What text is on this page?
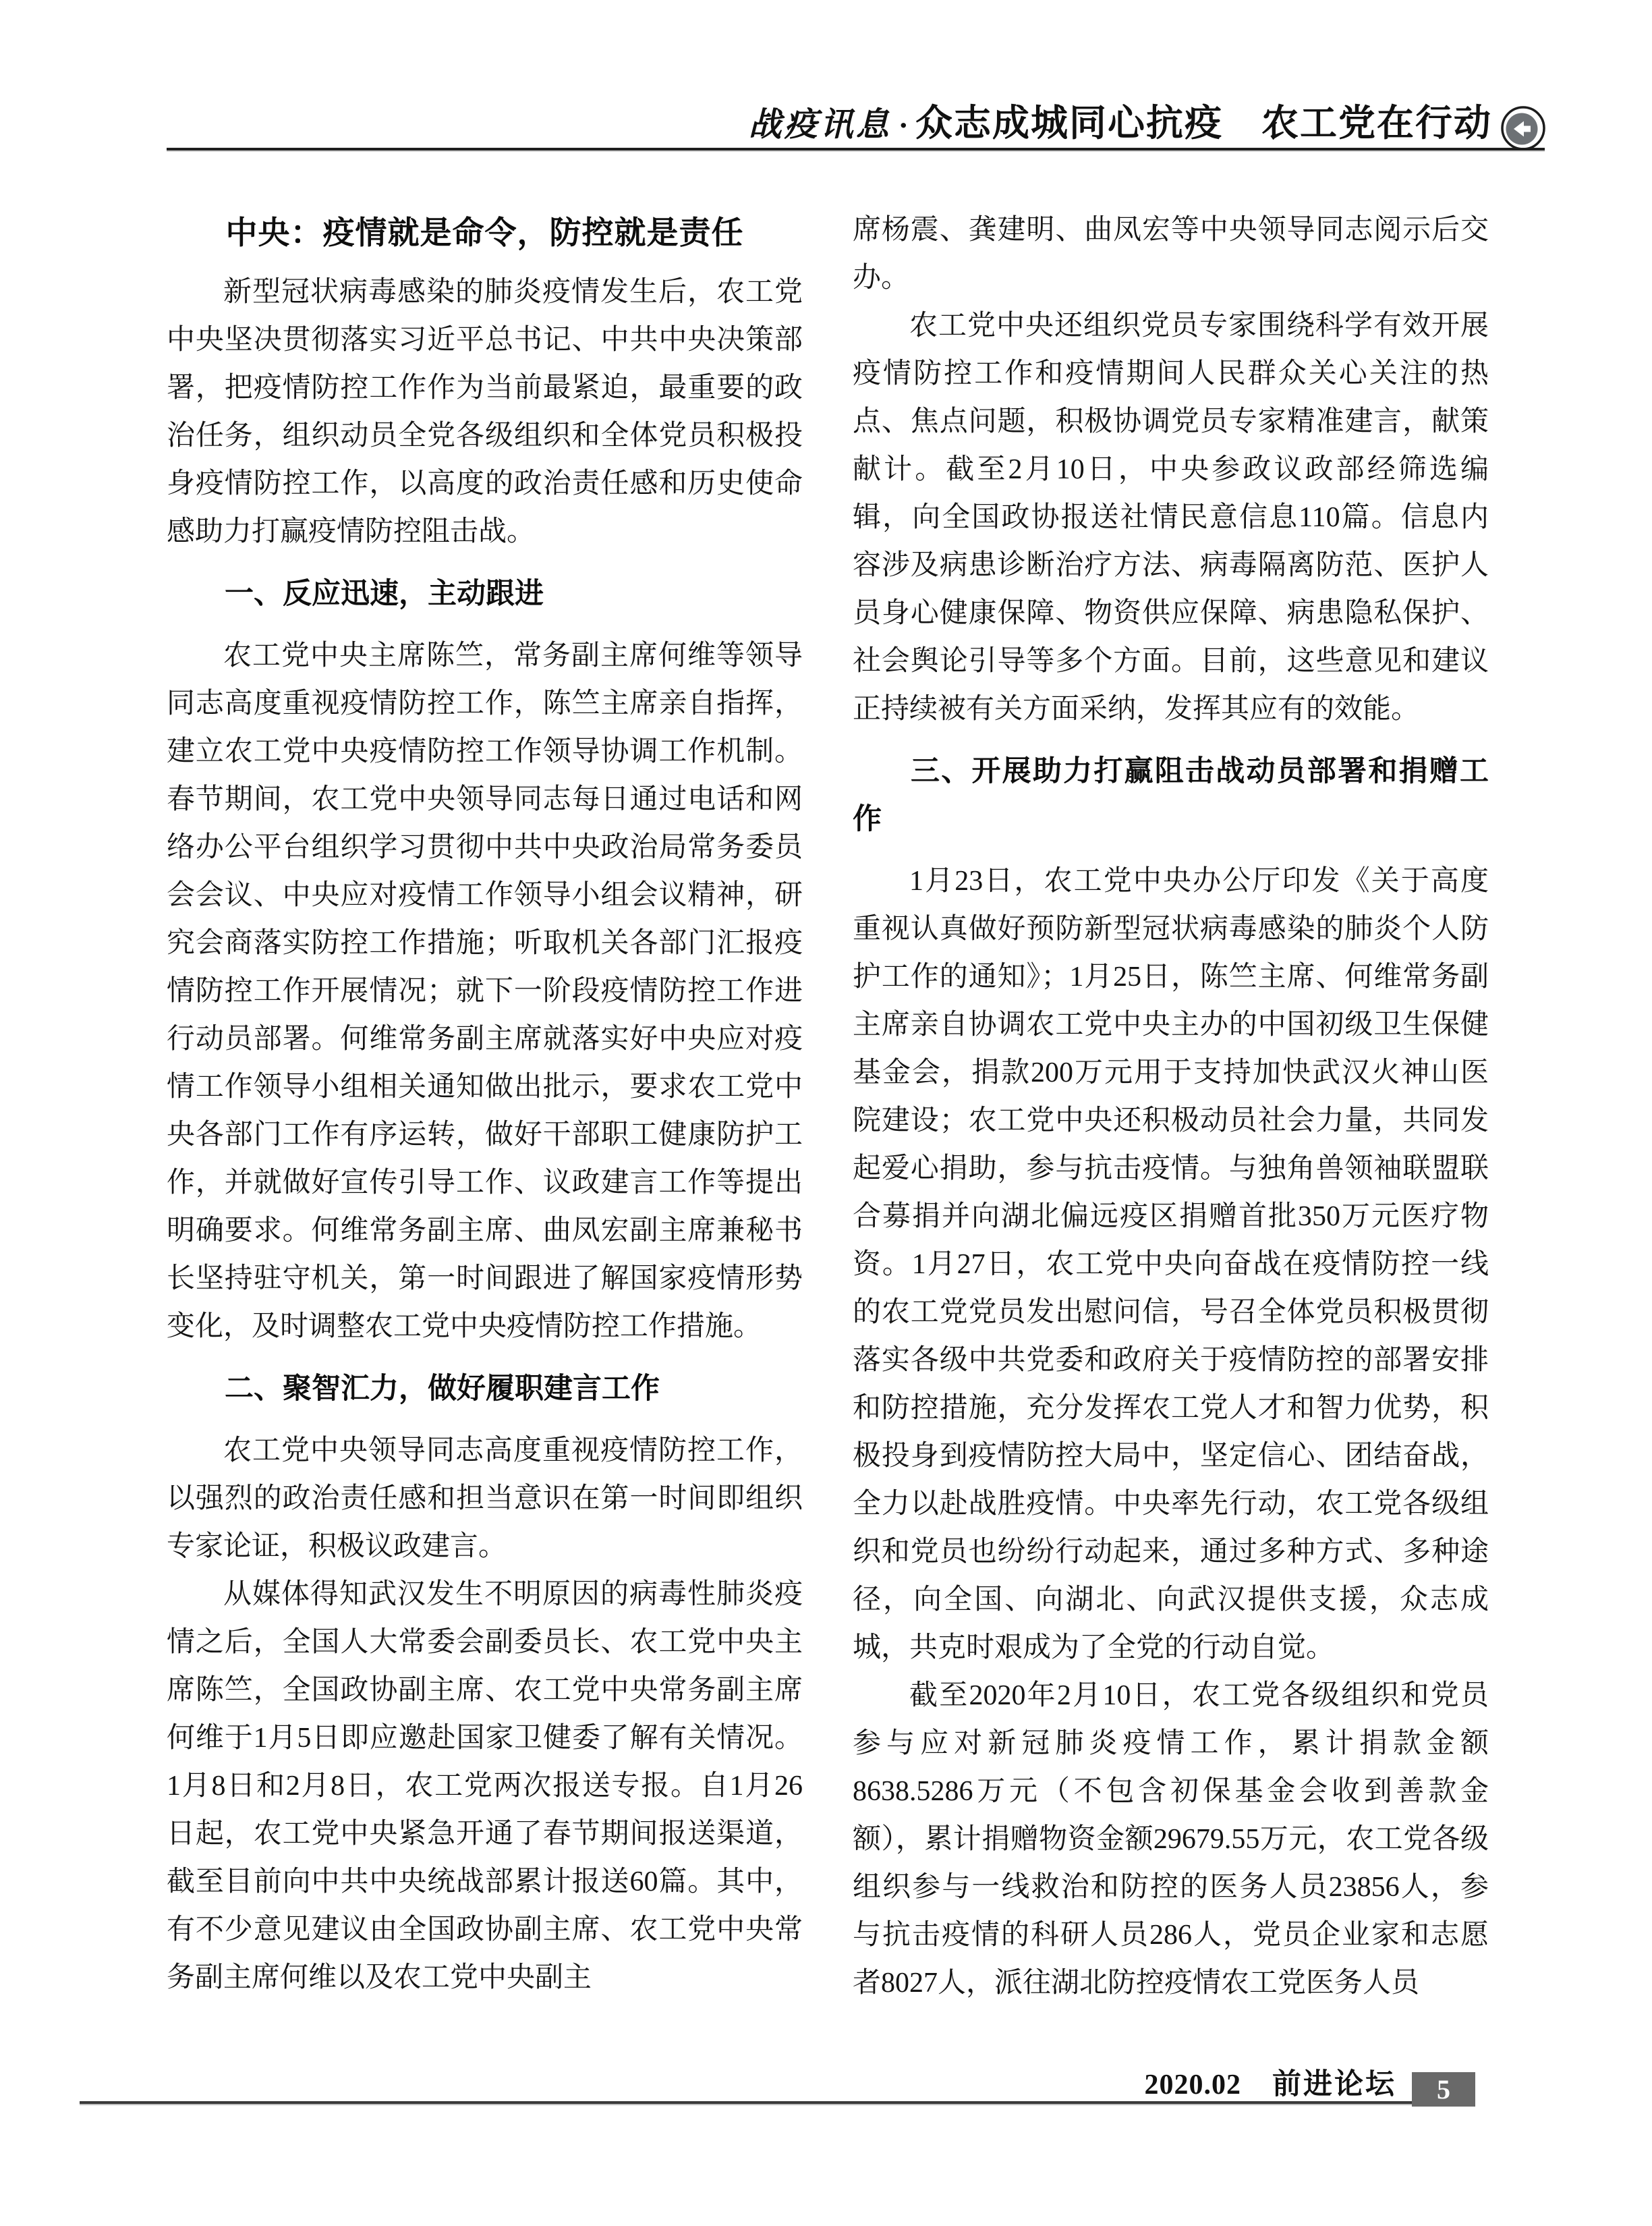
战疫讯息 · 众志成城同心抗疫　农工党在行动
中央：疫情就是命令，防控就是责任

新型冠状病毒感染的肺炎疫情发生后，农工党中央坚决贯彻落实习近平总书记、中共中央决策部署，把疫情防控工作作为当前最紧迫，最重要的政治任务，组织动员全党各级组织和全体党员积极投身疫情防控工作，以高度的政治责任感和历史使命感助力打赢疫情防控阻击战。

一、反应迅速，主动跟进

农工党中央主席陈竺，常务副主席何维等领导同志高度重视疫情防控工作，陈竺主席亲自指挥，建立农工党中央疫情防控工作领导协调工作机制。春节期间，农工党中央领导同志每日通过电话和网络办公平台组织学习贯彻中共中央政治局常务委员会会议、中央应对疫情工作领导小组会议精神，研究会商落实防控工作措施；听取机关各部门汇报疫情防控工作开展情况；就下一阶段疫情防控工作进行动员部署。何维常务副主席就落实好中央应对疫情工作领导小组相关通知做出批示，要求农工党中央各部门工作有序运转，做好干部职工健康防护工作，并就做好宣传引导工作、议政建言工作等提出明确要求。何维常务副主席、曲凤宏副主席兼秘书长坚持驻守机关，第一时间跟进了解国家疫情形势变化，及时调整农工党中央疫情防控工作措施。

二、聚智汇力，做好履职建言工作

农工党中央领导同志高度重视疫情防控工作，以强烈的政治责任感和担当意识在第一时间即组织专家论证，积极议政建言。

从媒体得知武汉发生不明原因的病毒性肺炎疫情之后，全国人大常委会副委员长、农工党中央主席陈竺，全国政协副主席、农工党中央常务副主席何维于1月5日即应邀赴国家卫健委了解有关情况。1月8日和2月8日，农工党两次报送专报。自1月26日起，农工党中央紧急开通了春节期间报送渠道，截至目前向中共中央统战部累计报送60篇。其中，有不少意见建议由全国政协副主席、农工党中央常务副主席何维以及农工党中央副主

席杨震、龚建明、曲凤宏等中央领导同志阅示后交办。

农工党中央还组织党员专家围绕科学有效开展疫情防控工作和疫情期间人民群众关心关注的热点、焦点问题，积极协调党员专家精准建言，献策献计。截至2月10日，中央参政议政部经筛选编辑，向全国政协报送社情民意信息110篇。信息内容涉及病患诊断治疗方法、病毒隔离防范、医护人员身心健康保障、物资供应保障、病患隐私保护、社会舆论引导等多个方面。目前，这些意见和建议正持续被有关方面采纳，发挥其应有的效能。

三、开展助力打赢阻击战动员部署和捐赠工作

1月23日，农工党中央办公厅印发《关于高度重视认真做好预防新型冠状病毒感染的肺炎个人防护工作的通知》；1月25日，陈竺主席、何维常务副主席亲自协调农工党中央主办的中国初级卫生保健基金会，捐款200万元用于支持加快武汉火神山医院建设；农工党中央还积极动员社会力量，共同发起爱心捐助，参与抗击疫情。与独角兽领袖联盟联合募捐并向湖北偏远疫区捐赠首批350万元医疗物资。1月27日，农工党中央向奋战在疫情防控一线的农工党党员发出慰问信，号召全体党员积极贯彻落实各级中共党委和政府关于疫情防控的部署安排和防控措施，充分发挥农工党人才和智力优势，积极投身到疫情防控大局中，坚定信心、团结奋战，全力以赴战胜疫情。中央率先行动，农工党各级组织和党员也纷纷行动起来，通过多种方式、多种途径，向全国、向湖北、向武汉提供支援，众志成城，共克时艰成为了全党的行动自觉。

截至2020年2月10日，农工党各级组织和党员参与应对新冠肺炎疫情工作，累计捐款金额8638.5286万元（不包含初保基金会收到善款金额），累计捐赠物资金额29679.55万元，农工党各级组织参与一线救治和防控的医务人员23856人，参与抗击疫情的科研人员286人，党员企业家和志愿者8027人，派往湖北防控疫情农工党医务人员

2020.02 前进论坛 5
